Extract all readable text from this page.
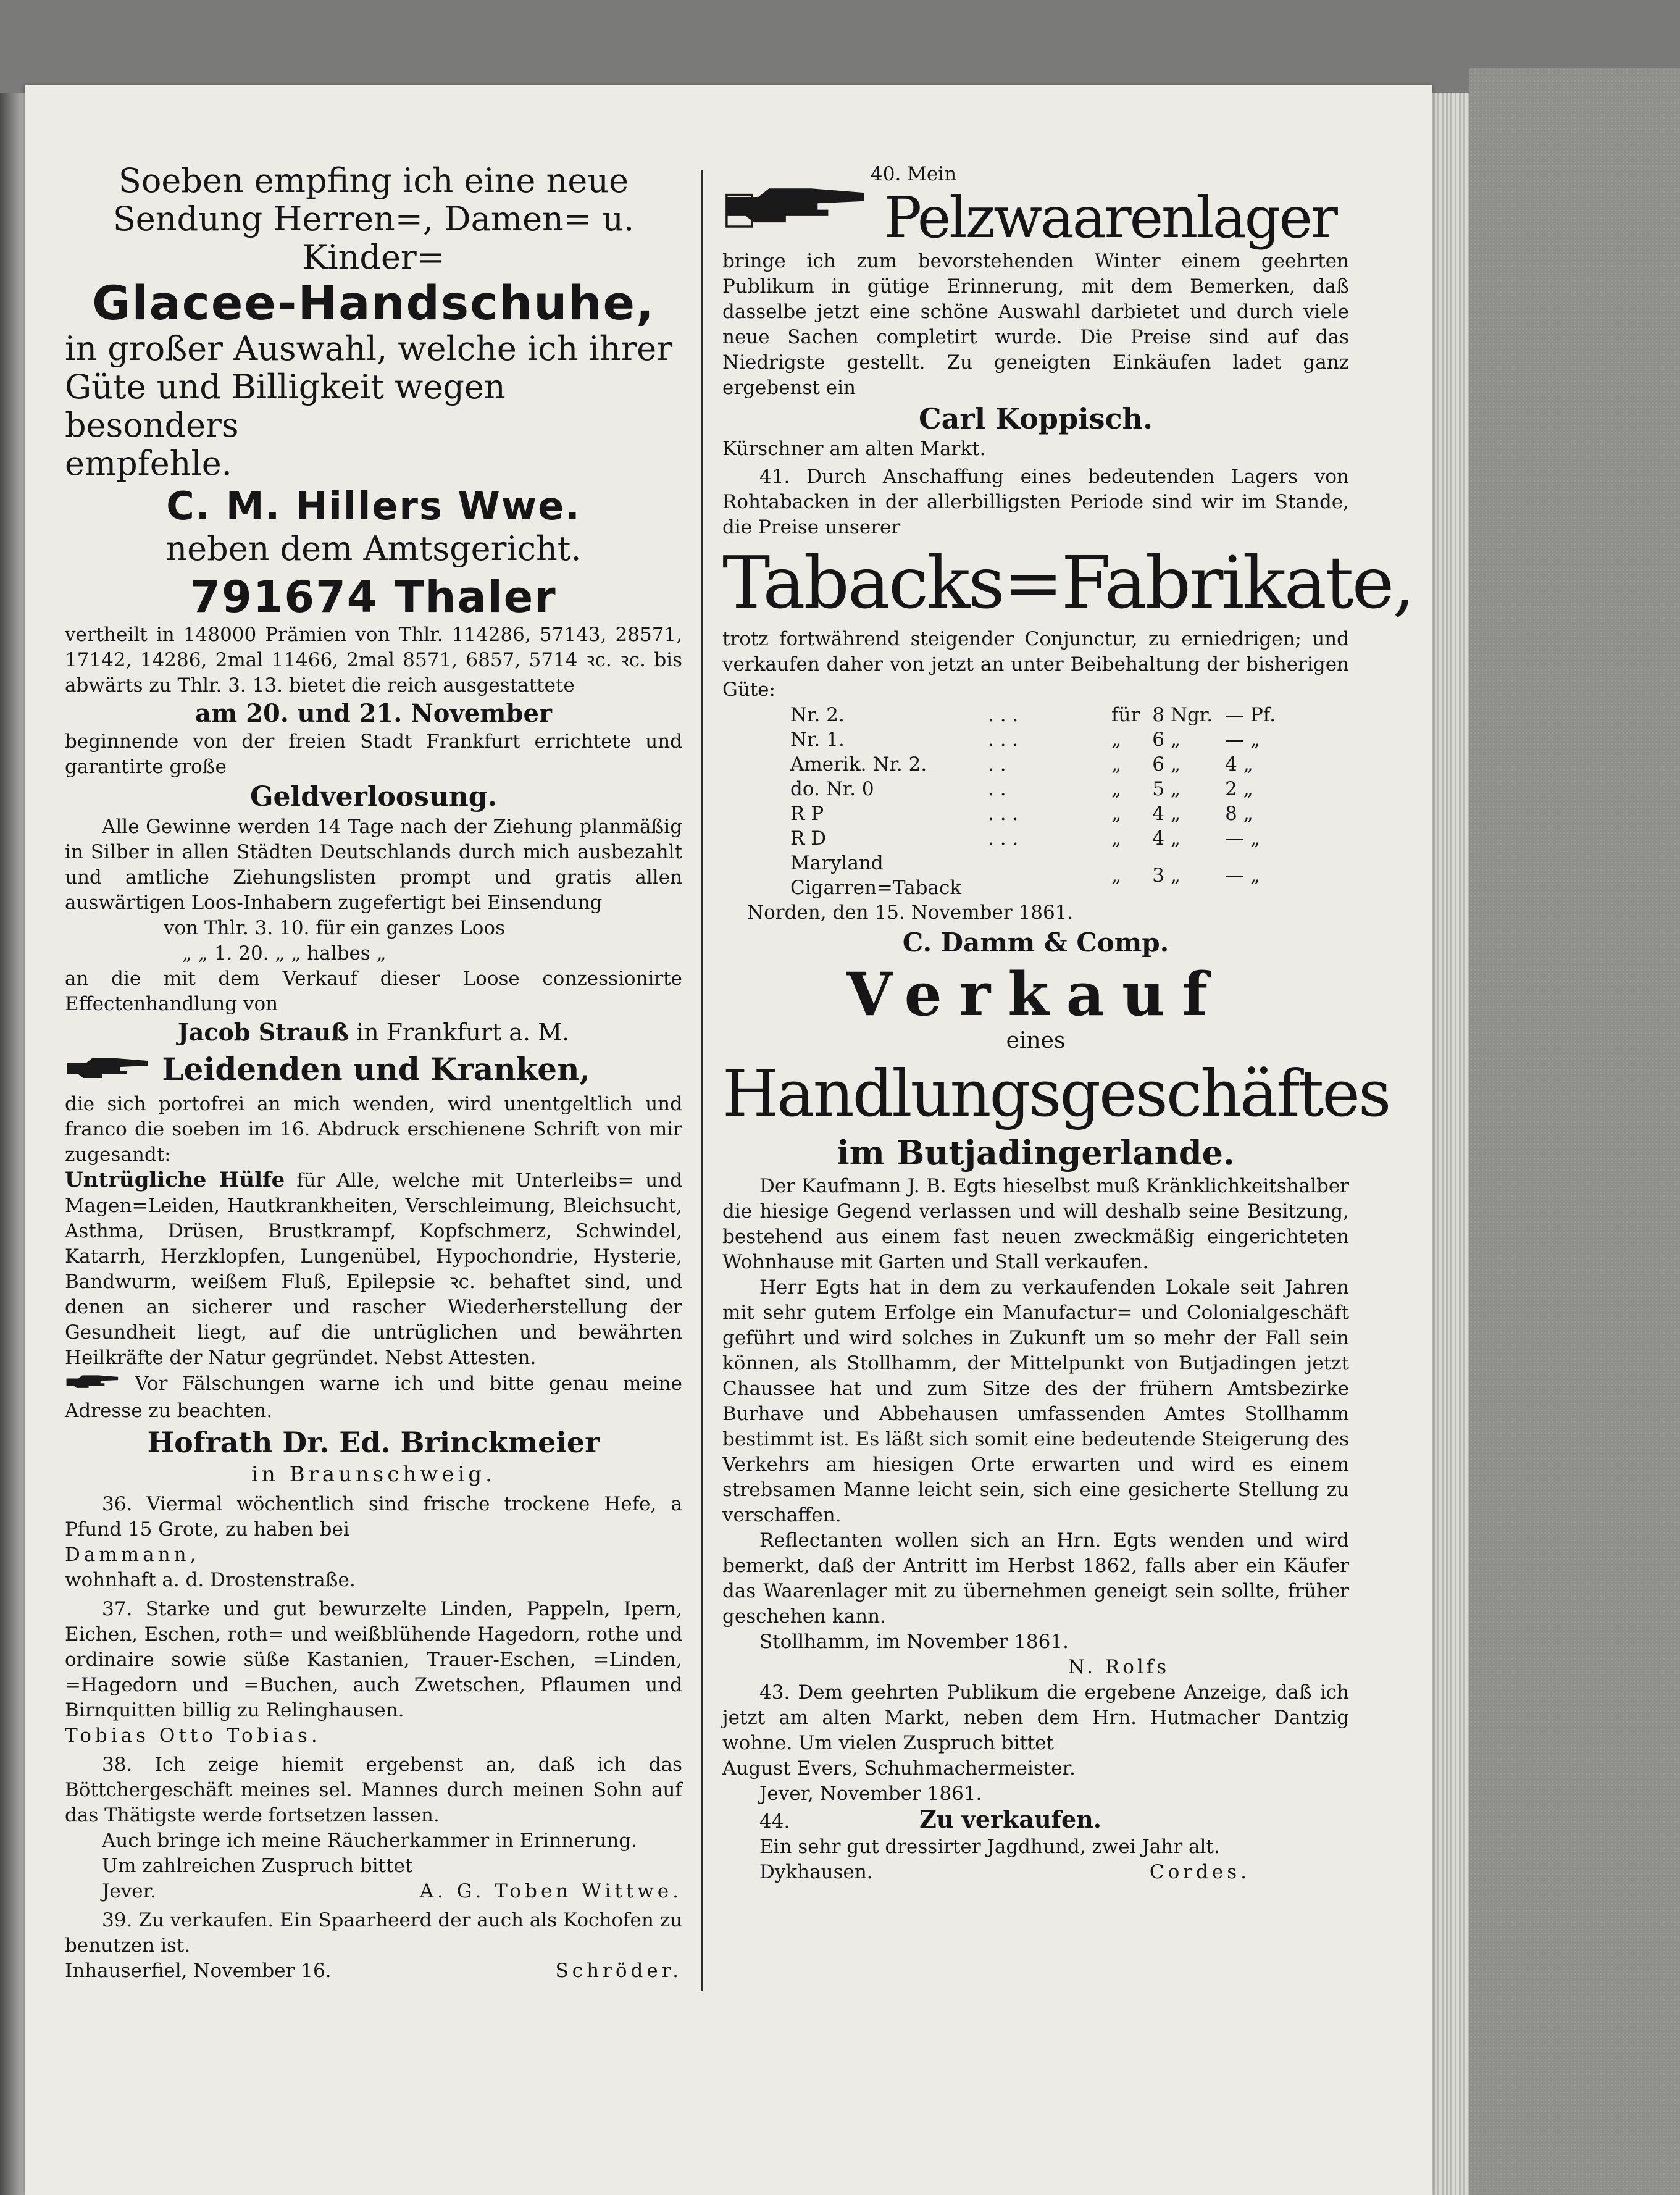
Soeben empfing ich eine neue
Sendung Herren=, Damen= u. Kinder=
Glacee-Handschuhe,
in großer Auswahl, welche ich ihrer
Güte und Billigkeit wegen besonders
empfehle.
C. M. Hillers Wwe.
neben dem Amtsgericht.
791674 Thaler
vertheilt in 148000 Prämien von Thlr. 114286, 57143, 28571, 17142, 14286, 2mal 11466, 2mal 8571, 6857, 5714 ꝛc. ꝛc. bis abwärts zu Thlr. 3. 13. bietet die reich ausgestattete
am 20. und 21. November
beginnende von der freien Stadt Frankfurt errichtete und garantirte große
Geldverloosung.
Alle Gewinne werden 14 Tage nach der Ziehung planmäßig in Silber in allen Städten Deutschlands durch mich ausbezahlt und amtliche Ziehungslisten prompt und gratis allen auswärtigen Loos-Inhabern zugefertigt bei Einsendung
von Thlr. 3. 10. für ein ganzes Loos
„ „ 1. 20. „ „ halbes „
an die mit dem Verkauf dieser Loose conzessionirte Effectenhandlung von
Jacob Strauß in Frankfurt a. M.
Leidenden und Kranken,
die sich portofrei an mich wenden, wird unentgeltlich und franco die soeben im 16. Abdruck erschienene Schrift von mir zugesandt:
Untrügliche Hülfe für Alle, welche mit Unterleibs= und Magen=Leiden, Hautkrankheiten, Verschleimung, Bleichsucht, Asthma, Drüsen, Brustkrampf, Kopfschmerz, Schwindel, Katarrh, Herzklopfen, Lungenübel, Hypochondrie, Hysterie, Bandwurm, weißem Fluß, Epilepsie ꝛc. behaftet sind, und denen an sicherer und rascher Wiederherstellung der Gesundheit liegt, auf die untrüglichen und bewährten Heilkräfte der Natur gegründet. Nebst Attesten.
Vor Fälschungen warne ich und bitte genau meine Adresse zu beachten.
Hofrath Dr. Ed. Brinckmeier
in Braunschweig.
36. Viermal wöchentlich sind frische trockene Hefe, a Pfund 15 Grote, zu haben bei
Dammann,
wohnhaft a. d. Drostenstraße.
37. Starke und gut bewurzelte Linden, Pappeln, Ipern, Eichen, Eschen, roth= und weißblühende Hagedorn, rothe und ordinaire sowie süße Kastanien, Trauer-Eschen, =Linden, =Hagedorn und =Buchen, auch Zwetschen, Pflaumen und Birnquitten billig zu Relinghausen.
Tobias Otto Tobias.
38. Ich zeige hiemit ergebenst an, daß ich das Böttchergeschäft meines sel. Mannes durch meinen Sohn auf das Thätigste werde fortsetzen lassen.
Auch bringe ich meine Räucherkammer in Erinnerung.
Um zahlreichen Zuspruch bittet
Jever.	A. G. Toben Wittwe.
39. Zu verkaufen. Ein Spaarheerd der auch als Kochofen zu benutzen ist.
Inhauserfiel, November 16.	Schröder.
40. Mein
Pelzwaarenlager
bringe ich zum bevorstehenden Winter einem geehrten Publikum in gütige Erinnerung, mit dem Bemerken, daß dasselbe jetzt eine schöne Auswahl darbietet und durch viele neue Sachen completirt wurde. Die Preise sind auf das Niedrigste gestellt. Zu geneigten Einkäufen ladet ganz ergebenst ein
Carl Koppisch.
Kürschner am alten Markt.
41. Durch Anschaffung eines bedeutenden Lagers von Rohtabacken in der allerbilligsten Periode sind wir im Stande, die Preise unserer
Tabacks=Fabrikate,
trotz fortwährend steigender Conjunctur, zu erniedrigen; und verkaufen daher von jetzt an unter Beibehaltung der bisherigen Güte:
Nr. 2.	. . .	für	8 Ngr.	— Pf.
Nr. 1.	. . .	„	6 „	— „
Amerik. Nr. 2.	. .	„	6 „	4 „
do. Nr. 0	. .	„	5 „	2 „
R P	. . .	„	4 „	8 „
R D	. . .	„	4 „	— „
Maryland Cigarren=Taback		„	3 „	— „
Norden, den 15. November 1861.
C. Damm & Comp.
Verkauf
eines
Handlungsgeschäftes
im Butjadingerlande.
Der Kaufmann J. B. Egts hieselbst muß Kränklichkeitshalber die hiesige Gegend verlassen und will deshalb seine Besitzung, bestehend aus einem fast neuen zweckmäßig eingerichteten Wohnhause mit Garten und Stall verkaufen.
Herr Egts hat in dem zu verkaufenden Lokale seit Jahren mit sehr gutem Erfolge ein Manufactur= und Colonialgeschäft geführt und wird solches in Zukunft um so mehr der Fall sein können, als Stollhamm, der Mittelpunkt von Butjadingen jetzt Chaussee hat und zum Sitze des der frühern Amtsbezirke Burhave und Abbehausen umfassenden Amtes Stollhamm bestimmt ist. Es läßt sich somit eine bedeutende Steigerung des Verkehrs am hiesigen Orte erwarten und wird es einem strebsamen Manne leicht sein, sich eine gesicherte Stellung zu verschaffen.
Reflectanten wollen sich an Hrn. Egts wenden und wird bemerkt, daß der Antritt im Herbst 1862, falls aber ein Käufer das Waarenlager mit zu übernehmen geneigt sein sollte, früher geschehen kann.
Stollhamm, im November 1861.
N. Rolfs
43. Dem geehrten Publikum die ergebene Anzeige, daß ich jetzt am alten Markt, neben dem Hrn. Hutmacher Dantzig wohne. Um vielen Zuspruch bittet
August Evers, Schuhmachermeister.
Jever, November 1861.
44.	Zu verkaufen.
Ein sehr gut dressirter Jagdhund, zwei Jahr alt.
Dykhausen.	Cordes.
